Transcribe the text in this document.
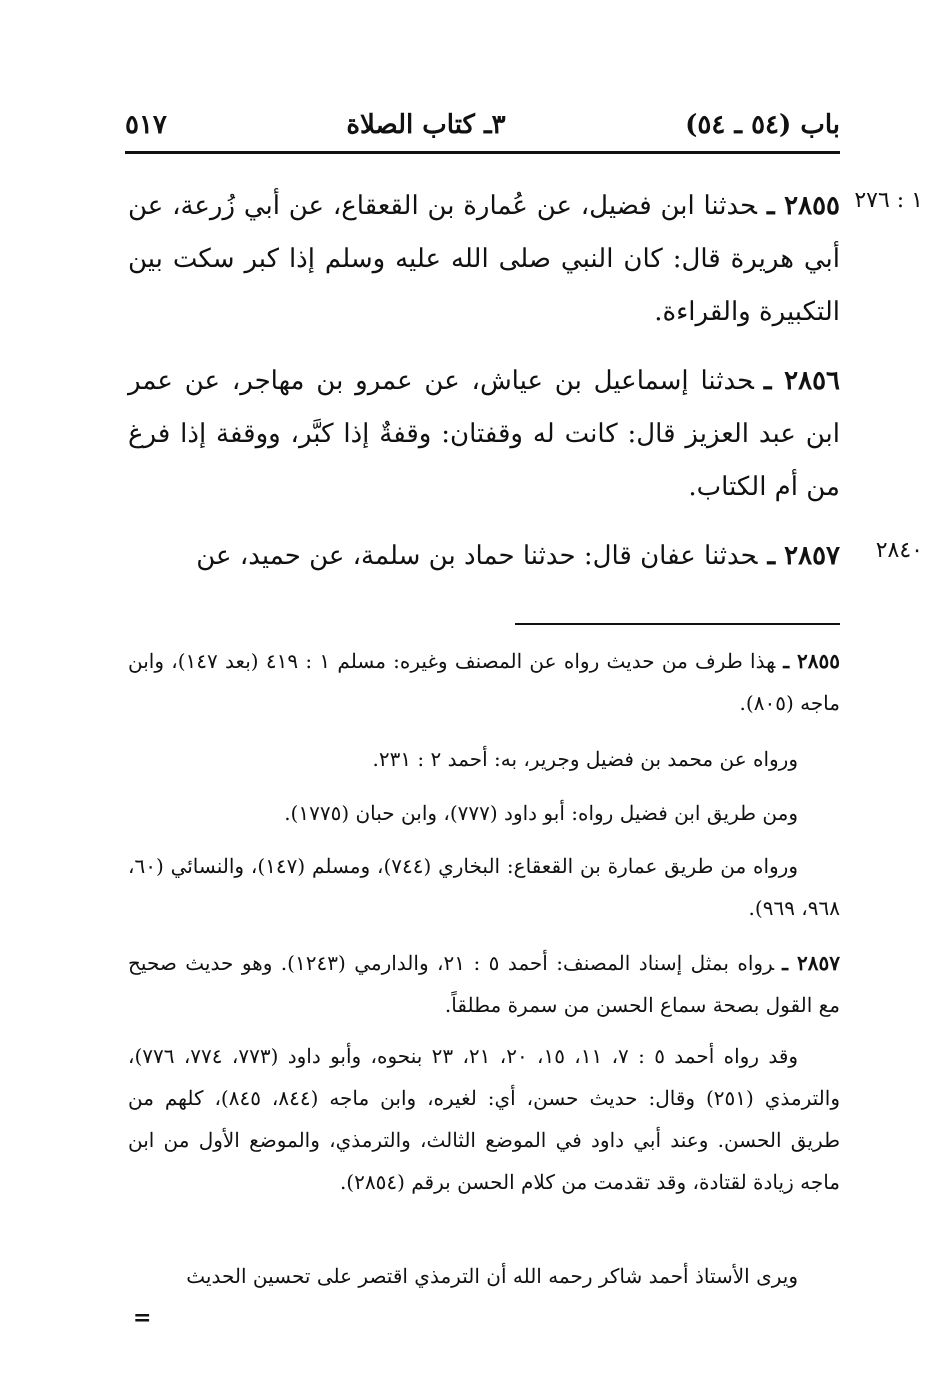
باب (٥٤ ـ ٥٤)
٣ـ كتاب الصلاة
٥١٧
١ : ٢٧٦
٢٨٤٠
٢٨٥٥ ـحدثنا ابن فضيل، عن عُمارة بن القعقاع، عن أبي زُرعة، عن أبي هريرة قال: كان النبي صلى الله عليه وسلم إذا كبر سكت بين التكبيرة والقراءة.
٢٨٥٦ ـحدثنا إسماعيل بن عياش، عن عمرو بن مهاجر، عن عمر ابن عبد العزيز قال: كانت له وقفتان: وقفةٌ إذا كبَّر، ووقفة إذا فرغ من أم الكتاب.
٢٨٥٧ ـحدثنا عفان قال: حدثنا حماد بن سلمة، عن حميد، عن
٢٨٥٥ ـهذا طرف من حديث رواه عن المصنف وغيره: مسلم ١ : ٤١٩ (بعد ١٤٧)، وابن ماجه (٨٠٥).
ورواه عن محمد بن فضيل وجرير، به: أحمد ٢ : ٢٣١.
ومن طريق ابن فضيل رواه: أبو داود (٧٧٧)، وابن حبان (١٧٧٥).
ورواه من طريق عمارة بن القعقاع: البخاري (٧٤٤)، ومسلم (١٤٧)، والنسائي (٦٠، ٩٦٨، ٩٦٩).
٢٨٥٧ ـرواه بمثل إسناد المصنف: أحمد ٥ : ٢١، والدارمي (١٢٤٣). وهو حديث صحيح مع القول بصحة سماع الحسن من سمرة مطلقاً.
وقد رواه أحمد ٥ : ٧، ١١، ١٥، ٢٠، ٢١، ٢٣ بنحوه، وأبو داود (٧٧٣، ٧٧٤، ٧٧٦)، والترمذي (٢٥١) وقال: حديث حسن، أي: لغيره، وابن ماجه (٨٤٤، ٨٤٥)، كلهم من طريق الحسن. وعند أبي داود في الموضع الثالث، والترمذي، والموضع الأول من ابن ماجه زيادة لقتادة، وقد تقدمت من كلام الحسن برقم (٢٨٥٤).
ويرى الأستاذ أحمد شاكر رحمه الله أن الترمذي اقتصر على تحسين الحديث
=
